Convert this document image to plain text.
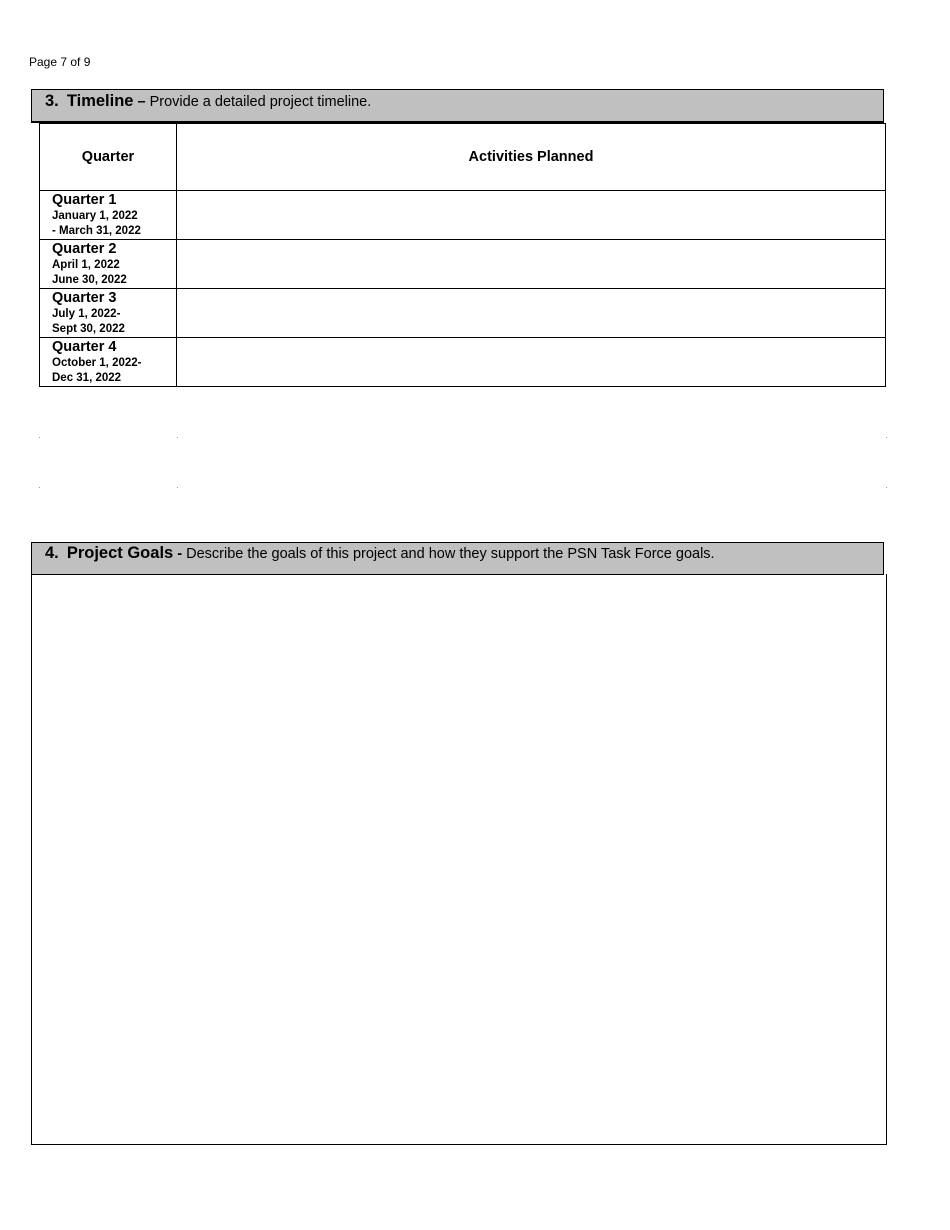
Page 7 of 9
3. Timeline – Provide a detailed project timeline.
Quarter	Activities Planned

Quarter 1
January 1, 2022
- March 31, 2022	

Quarter 2
April 1, 2022
June 30, 2022	

Quarter 3
July 1, 2022-
Sept 30, 2022	

Quarter 4
October 1, 2022-
Dec 31, 2022	

4. Project Goals - Describe the goals of this project and how they support the PSN Task Force goals.
